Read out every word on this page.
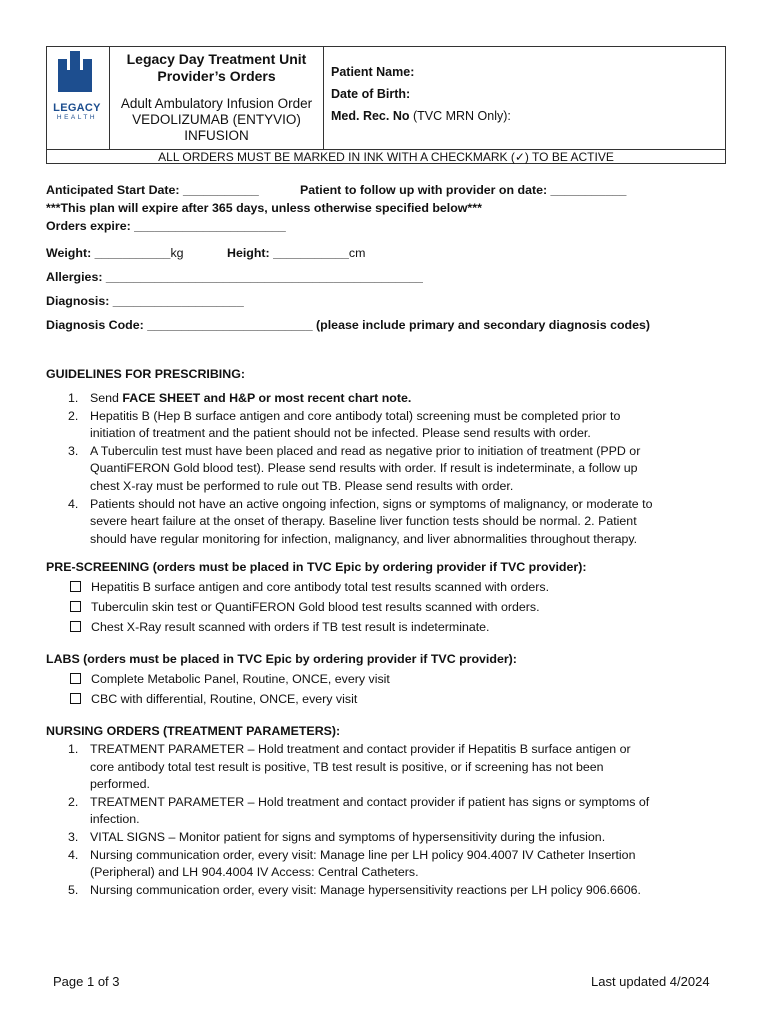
LEGACY
HEALTH
Legacy Day Treatment Unit
Provider’s Orders
Adult Ambulatory Infusion Order
VEDOLIZUMAB (ENTYVIO)
INFUSION
Patient Name:
Date of Birth:
Med. Rec. No (TVC MRN Only):
ALL ORDERS MUST BE MARKED IN INK WITH A CHECKMARK (✓) TO BE ACTIVE
Anticipated Start Date: ___________	Patient to follow up with provider on date: ___________
***This plan will expire after 365 days, unless otherwise specified below***
Orders expire: ______________________
Weight: ___________kg	Height: ___________cm
Allergies: ______________________________________________
Diagnosis: ___________________
Diagnosis Code: ________________________ (please include primary and secondary diagnosis codes)
GUIDELINES FOR PRESCRIBING:
1. Send FACE SHEET and H&P or most recent chart note.
2. Hepatitis B (Hep B surface antigen and core antibody total) screening must be completed prior to
initiation of treatment and the patient should not be infected. Please send results with order.
3. A Tuberculin test must have been placed and read as negative prior to initiation of treatment (PPD or
QuantiFERON Gold blood test). Please send results with order. If result is indeterminate, a follow up
chest X-ray must be performed to rule out TB. Please send results with order.
4. Patients should not have an active ongoing infection, signs or symptoms of malignancy, or moderate to
severe heart failure at the onset of therapy. Baseline liver function tests should be normal. 2. Patient
should have regular monitoring for infection, malignancy, and liver abnormalities throughout therapy.
PRE-SCREENING (orders must be placed in TVC Epic by ordering provider if TVC provider):
Hepatitis B surface antigen and core antibody total test results scanned with orders.
Tuberculin skin test or QuantiFERON Gold blood test results scanned with orders.
Chest X-Ray result scanned with orders if TB test result is indeterminate.
LABS (orders must be placed in TVC Epic by ordering provider if TVC provider):
Complete Metabolic Panel, Routine, ONCE, every visit
CBC with differential, Routine, ONCE, every visit
NURSING ORDERS (TREATMENT PARAMETERS):
1. TREATMENT PARAMETER – Hold treatment and contact provider if Hepatitis B surface antigen or
core antibody total test result is positive, TB test result is positive, or if screening has not been
performed.
2. TREATMENT PARAMETER – Hold treatment and contact provider if patient has signs or symptoms of
infection.
3. VITAL SIGNS – Monitor patient for signs and symptoms of hypersensitivity during the infusion.
4. Nursing communication order, every visit: Manage line per LH policy 904.4007 IV Catheter Insertion
(Peripheral) and LH 904.4004 IV Access: Central Catheters.
5. Nursing communication order, every visit: Manage hypersensitivity reactions per LH policy 906.6606.
Page 1 of 3	Last updated 4/2024
